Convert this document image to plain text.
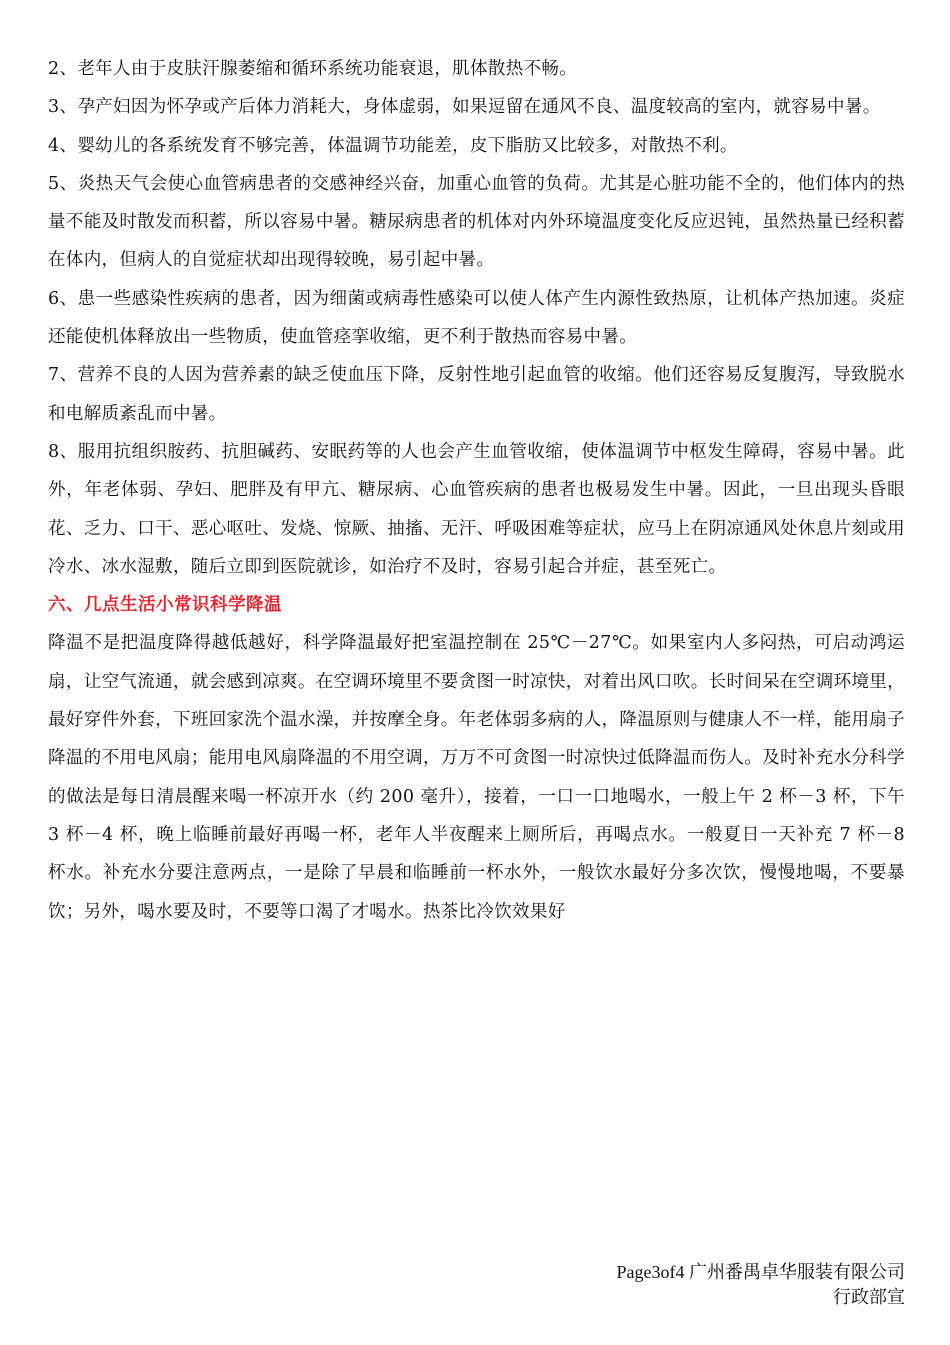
2、老年人由于皮肤汗腺萎缩和循环系统功能衰退，肌体散热不畅。

3、孕产妇因为怀孕或产后体力消耗大，身体虚弱，如果逗留在通风不良、温度较高的室内，就容易中暑。

4、婴幼儿的各系统发育不够完善，体温调节功能差，皮下脂肪又比较多，对散热不利。

5、炎热天气会使心血管病患者的交感神经兴奋，加重心血管的负荷。尤其是心脏功能不全的，他们体内的热量不能及时散发而积蓄，所以容易中暑。糖尿病患者的机体对内外环境温度变化反应迟钝，虽然热量已经积蓄在体内，但病人的自觉症状却出现得较晚，易引起中暑。

6、患一些感染性疾病的患者，因为细菌或病毒性感染可以使人体产生内源性致热原，让机体产热加速。炎症还能使机体释放出一些物质，使血管痉挛收缩，更不利于散热而容易中暑。

7、营养不良的人因为营养素的缺乏使血压下降，反射性地引起血管的收缩。他们还容易反复腹泻，导致脱水和电解质紊乱而中暑。

8、服用抗组织胺药、抗胆碱药、安眠药等的人也会产生血管收缩，使体温调节中枢发生障碍，容易中暑。此外，年老体弱、孕妇、肥胖及有甲亢、糖尿病、心血管疾病的患者也极易发生中暑。因此，一旦出现头昏眼花、乏力、口干、恶心呕吐、发烧、惊厥、抽搐、无汗、呼吸困难等症状，应马上在阴凉通风处休息片刻或用冷水、冰水湿敷，随后立即到医院就诊，如治疗不及时，容易引起合并症，甚至死亡。

六、几点生活小常识科学降温

降温不是把温度降得越低越好，科学降温最好把室温控制在 25℃－27℃。如果室内人多闷热，可启动鸿运扇，让空气流通，就会感到凉爽。在空调环境里不要贪图一时凉快，对着出风口吹。长时间呆在空调环境里，最好穿件外套，下班回家洗个温水澡，并按摩全身。年老体弱多病的人，降温原则与健康人不一样，能用扇子降温的不用电风扇；能用电风扇降温的不用空调，万万不可贪图一时凉快过低降温而伤人。及时补充水分科学的做法是每日清晨醒来喝一杯凉开水（约 200 毫升），接着，一口一口地喝水，一般上午 2 杯－3 杯，下午 3 杯－4 杯，晚上临睡前最好再喝一杯，老年人半夜醒来上厕所后，再喝点水。一般夏日一天补充 7 杯－8 杯水。补充水分要注意两点，一是除了早晨和临睡前一杯水外，一般饮水最好分多次饮，慢慢地喝，不要暴饮；另外，喝水要及时，不要等口渴了才喝水。热茶比冷饮效果好

Page3of4 广州番禺卓华服装有限公司
行政部宣
